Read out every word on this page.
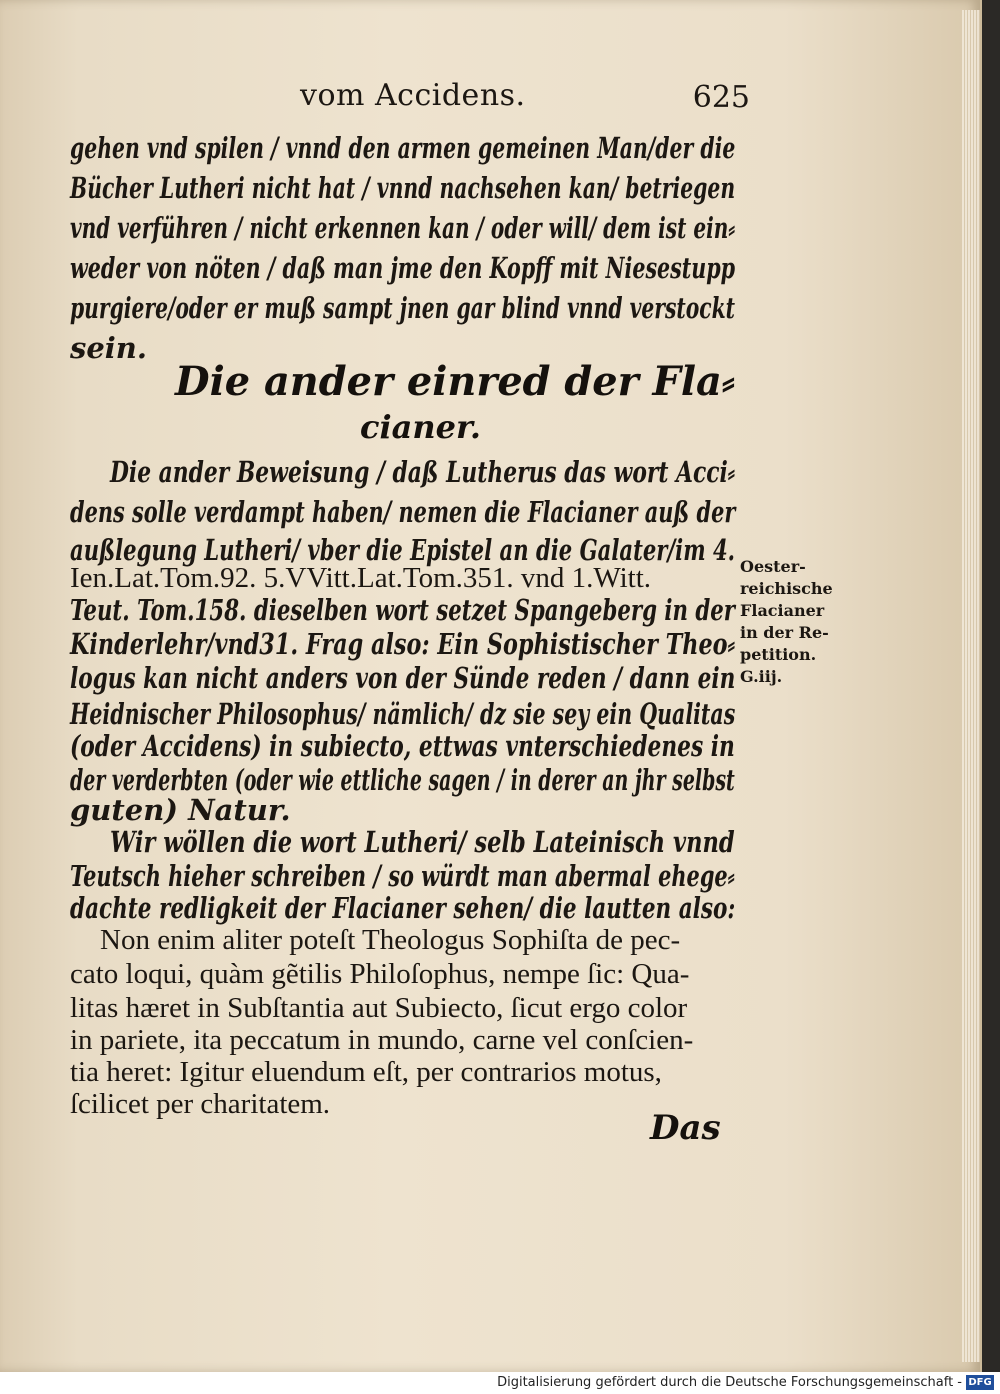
vom Accidens.	625
gehen vnd spilen / vnnd den armen gemeinen Man/der die
Bücher Lutheri nicht hat / vnnd nachsehen kan/ betriegen
vnd verführen / nicht erkennen kan / oder will/ dem ist ein⸗
weder von nöten / daß man jme den Kopff mit Niesestupp
purgiere/oder er muß sampt jnen gar blind vnnd verstockt
sein.
Die ander einred der Fla⸗
cianer.
Die ander Beweisung / daß Lutherus das wort Acci⸗
dens solle verdampt haben/ nemen die Flacianer auß der
außlegung Lutheri/ vber die Epistel an die Galater/im 4.
Ien.Lat.Tom.92. 5.VVitt.Lat.Tom.351. vnd 1.Witt.
Teut. Tom.158. dieselben wort setzet Spangeberg in der
Kinderlehr/vnd31. Frag also: Ein Sophistischer Theo⸗
logus kan nicht anders von der Sünde reden / dann ein
Heidnischer Philosophus/ nämlich/ dz sie sey ein Qualitas
(oder Accidens) in subiecto, ettwas vnterschiedenes in
der verderbten (oder wie ettliche sagen / in derer an jhr selbst
guten) Natur.
Wir wöllen die wort Lutheri/ selb Lateinisch vnnd
Teutsch hieher schreiben / so würdt man abermal ehege⸗
dachte redligkeit der Flacianer sehen/ die lautten also:
Non enim aliter poteſt Theologus Sophiſta de pec-
cato loqui, quàm gẽtilis Philoſophus, nempe ſic: Qua-
litas hæret in Subſtantia aut Subiecto, ſicut ergo color
in pariete, ita peccatum in mundo, carne vel conſcien-
tia heret: Igitur eluendum eſt, per contrarios motus,
ſcilicet per charitatem.
Oester-
reichische
Flacianer
in der Re-
petition.
G.iij.
Das
Digitalisierung gefördert durch die Deutsche Forschungsgemeinschaft - DFG
